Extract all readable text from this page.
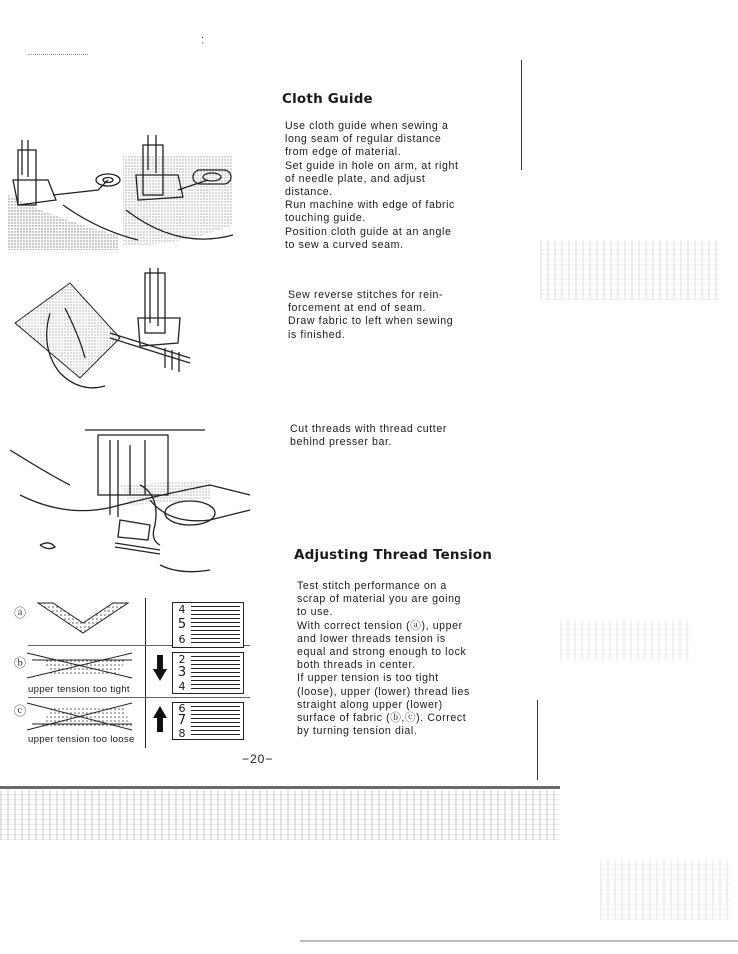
. .
ⓐ	4
5
6
ⓑ
upper tension too tight
2
3
4
ⓒ
upper tension too loose
6
7
8
Cloth Guide

Use cloth guide when sewing a
long seam of regular distance
from edge of material.
Set guide in hole on arm, at right
of needle plate, and adjust
distance.
Run machine with edge of fabric
touching guide.
Position cloth guide at an angle
to sew a curved seam.

Sew reverse stitches for rein-
forcement at end of seam.
Draw fabric to left when sewing
is finished.

Cut threads with thread cutter
behind presser bar.

Adjusting Thread Tension

Test stitch performance on a
scrap of material you are going
to use.
With correct tension (ⓐ), upper
and lower threads tension is
equal and strong enough to lock
both threads in center.
If upper tension is too tight
(loose), upper (lower) thread lies
straight along upper (lower)
surface of fabric (ⓑ,ⓒ). Correct
by turning tension dial.

−20−
